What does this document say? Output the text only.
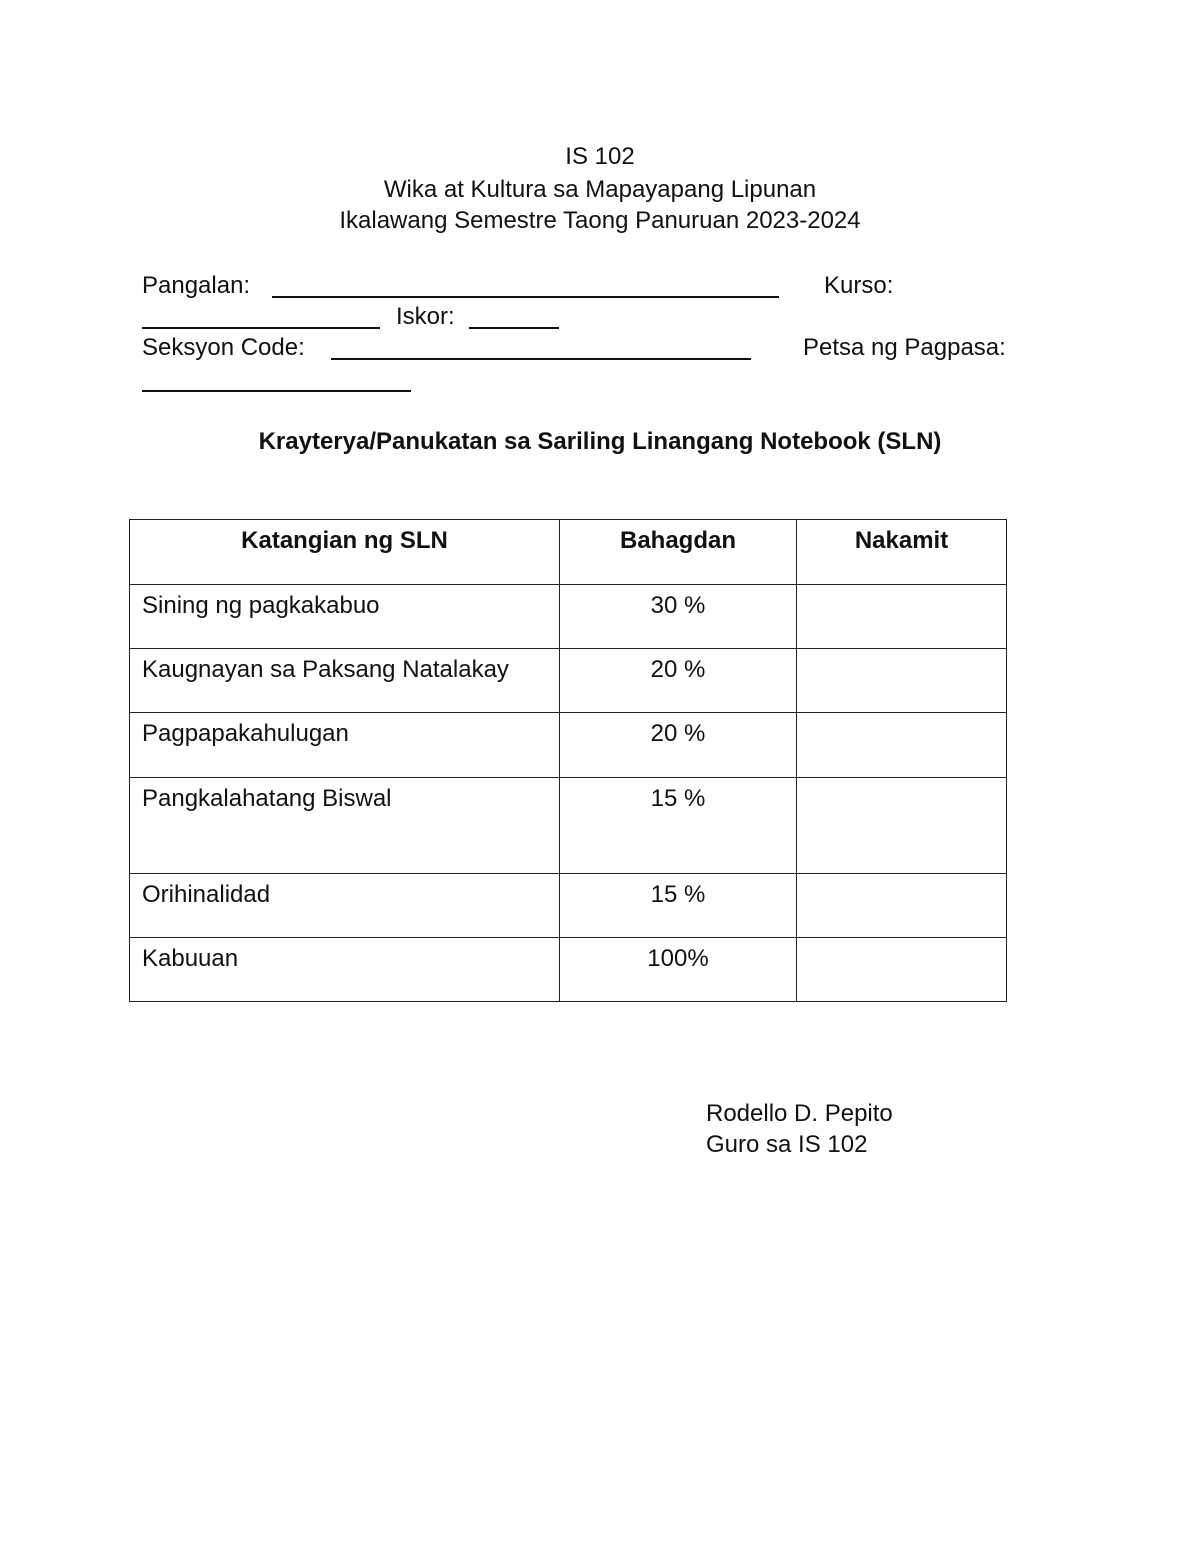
IS 102
Wika at Kultura sa Mapayapang Lipunan
Ikalawang Semestre Taong Panuruan 2023-2024
Pangalan:	Kurso:
Iskor:
Seksyon Code:	Petsa ng Pagpasa:
Krayterya/Panukatan sa Sariling Linangang Notebook (SLN)
Katangian ng SLN	Bahagdan	Nakamit
Sining ng pagkakabuo	30 %	
Kaugnayan sa Paksang Natalakay	20 %	
Pagpapakahulugan	20 %	
Pangkalahatang Biswal	15 %	
Orihinalidad	15 %	
Kabuuan	100%	
Rodello D. Pepito
Guro sa IS 102
